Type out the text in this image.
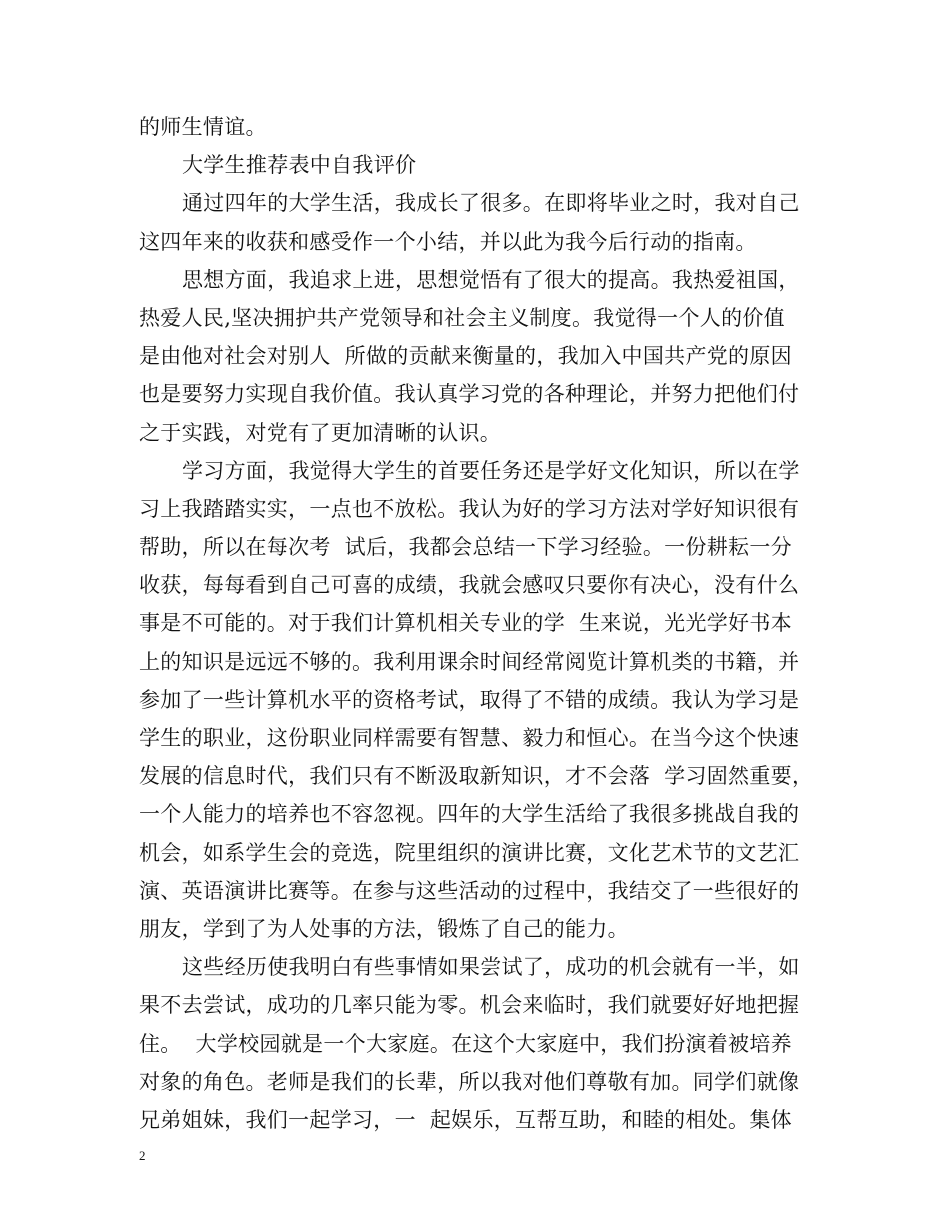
的师生情谊。
大学生推荐表中自我评价
通过四年的大学生活，我成长了很多。在即将毕业之时，我对自己
这四年来的收获和感受作一个小结，并以此为我今后行动的指南。
思想方面，我追求上进，思想觉悟有了很大的提高。我热爱祖国，
热爱人民,坚决拥护共产党领导和社会主义制度。我觉得一个人的价值
是由他对社会对别人  所做的贡献来衡量的，我加入中国共产党的原因
也是要努力实现自我价值。我认真学习党的各种理论，并努力把他们付
之于实践，对党有了更加清晰的认识。
学习方面，我觉得大学生的首要任务还是学好文化知识，所以在学
习上我踏踏实实，一点也不放松。我认为好的学习方法对学好知识很有
帮助，所以在每次考  试后，我都会总结一下学习经验。一份耕耘一分
收获，每每看到自己可喜的成绩，我就会感叹只要你有决心，没有什么
事是不可能的。对于我们计算机相关专业的学  生来说，光光学好书本
上的知识是远远不够的。我利用课余时间经常阅览计算机类的书籍，并
参加了一些计算机水平的资格考试，取得了不错的成绩。我认为学习是
学生的职业，这份职业同样需要有智慧、毅力和恒心。在当今这个快速
发展的信息时代，我们只有不断汲取新知识，才不会落  学习固然重要，
一个人能力的培养也不容忽视。四年的大学生活给了我很多挑战自我的
机会，如系学生会的竞选，院里组织的演讲比赛，文化艺术节的文艺汇
演、英语演讲比赛等。在参与这些活动的过程中，我结交了一些很好的
朋友，学到了为人处事的方法，锻炼了自己的能力。
这些经历使我明白有些事情如果尝试了，成功的机会就有一半，如
果不去尝试，成功的几率只能为零。机会来临时，我们就要好好地把握
住。  大学校园就是一个大家庭。在这个大家庭中，我们扮演着被培养
对象的角色。老师是我们的长辈，所以我对他们尊敬有加。同学们就像
兄弟姐妹，我们一起学习，一  起娱乐，互帮互助，和睦的相处。集体
2
